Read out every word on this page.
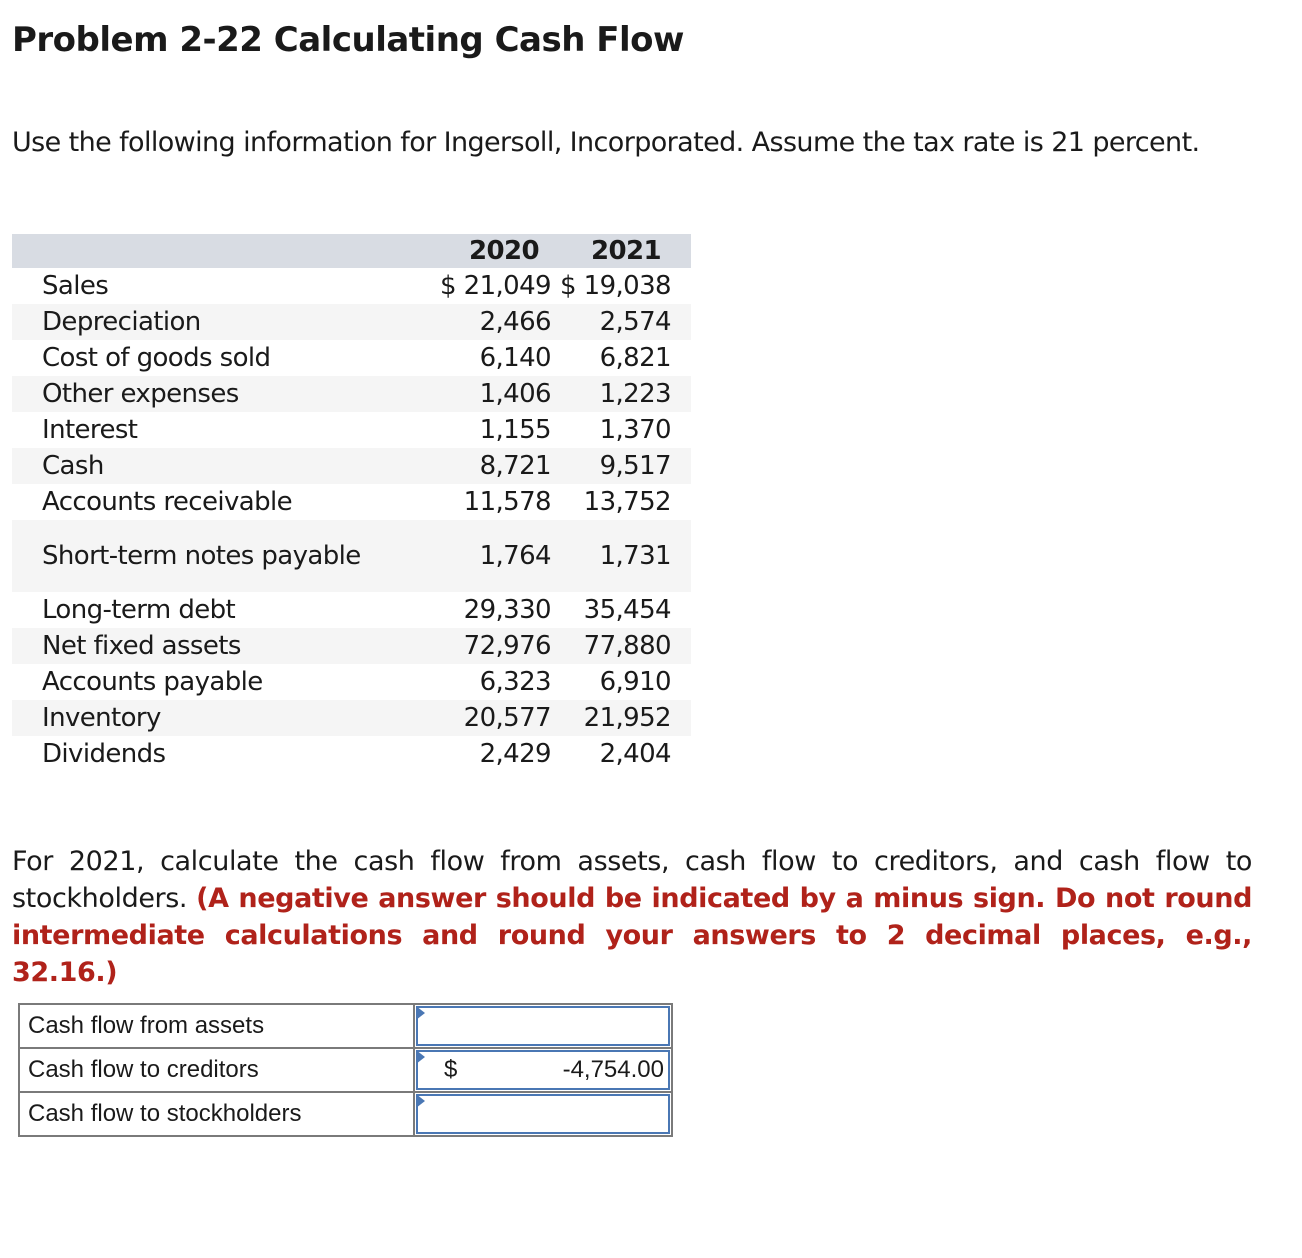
Problem 2-22 Calculating Cash Flow
Use the following information for Ingersoll, Incorporated. Assume the tax rate is 21 percent.
	2020	2021
Sales	$ 21,049	$ 19,038
Depreciation	2,466	2,574
Cost of goods sold	6,140	6,821
Other expenses	1,406	1,223
Interest	1,155	1,370
Cash	8,721	9,517
Accounts receivable	11,578	13,752
Short-term notes payable	1,764	1,731
Long-term debt	29,330	35,454
Net fixed assets	72,976	77,880
Accounts payable	6,323	6,910
Inventory	20,577	21,952
Dividends	2,429	2,404
For 2021, calculate the cash flow from assets, cash flow to creditors, and cash flow to stockholders. (A negative answer should be indicated by a minus sign. Do not round intermediate calculations and round your answers to 2 decimal places, e.g., 32.16.)
Cash flow from assets	

Cash flow to creditors	$ -4,754.00

Cash flow to stockholders	
